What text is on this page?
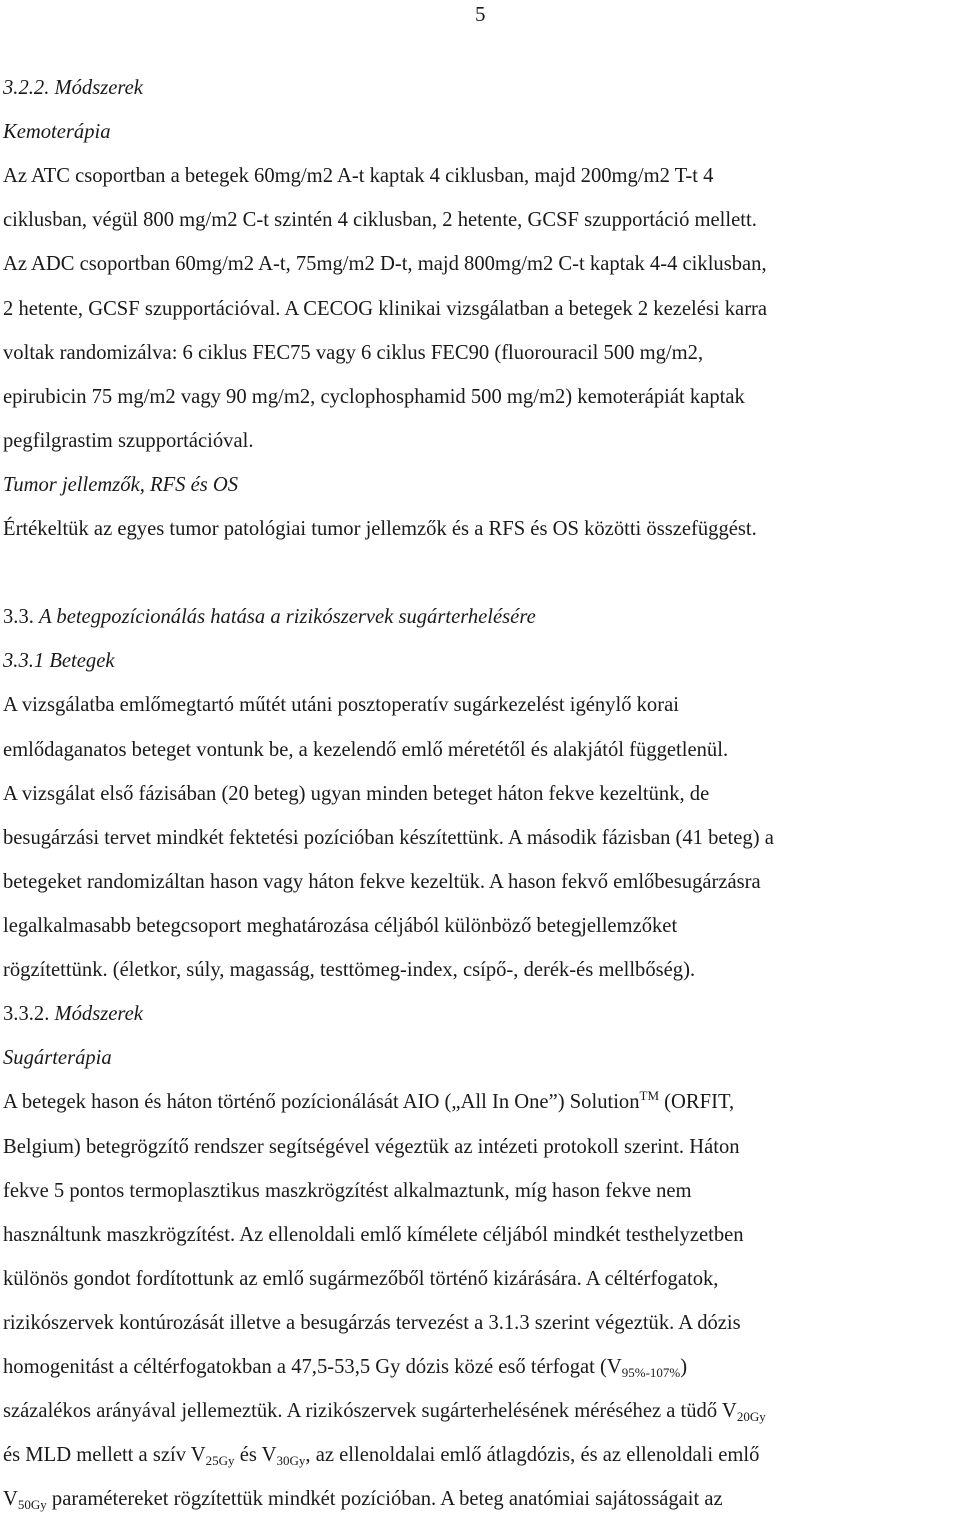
5
3.2.2. Módszerek
Kemoterápia
Az ATC csoportban a betegek 60mg/m2 A-t kaptak 4 ciklusban, majd 200mg/m2 T-t 4
ciklusban, végül 800 mg/m2 C-t szintén 4 ciklusban, 2 hetente, GCSF szupportáció mellett.
Az ADC csoportban 60mg/m2 A-t, 75mg/m2 D-t, majd 800mg/m2 C-t kaptak 4-4 ciklusban,
2 hetente, GCSF szupportációval. A CECOG klinikai vizsgálatban a betegek 2 kezelési karra
voltak randomizálva: 6 ciklus FEC75 vagy 6 ciklus FEC90 (fluorouracil 500 mg/m2,
epirubicin 75 mg/m2 vagy 90 mg/m2, cyclophosphamid 500 mg/m2) kemoterápiát kaptak
pegfilgrastim szupportációval.
Tumor jellemzők, RFS és OS
Értékeltük az egyes tumor patológiai tumor jellemzők és a RFS és OS közötti összefüggést.
3.3. A betegpozícionálás hatása a rizikószervek sugárterhelésére
3.3.1 Betegek
A vizsgálatba emlőmegtartó műtét utáni posztoperatív sugárkezelést igénylő korai
emlődaganatos beteget vontunk be, a kezelendő emlő méretétől és alakjától függetlenül.
A vizsgálat első fázisában (20 beteg) ugyan minden beteget háton fekve kezeltünk, de
besugárzási tervet mindkét fektetési pozícióban készítettünk. A második fázisban (41 beteg) a
betegeket randomizáltan hason vagy háton fekve kezeltük. A hason fekvő emlőbesugárzásra
legalkalmasabb betegcsoport meghatározása céljából különböző betegjellemzőket
rögzítettünk. (életkor, súly, magasság, testtömeg-index, csípő-, derék-és mellbőség).
3.3.2. Módszerek
Sugárterápia
A betegek hason és háton történő pozícionálását AIO („All In One”) Solution™ (ORFIT,
Belgium) betegrögzítő rendszer segítségével végeztük az intézeti protokoll szerint. Háton
fekve 5 pontos termoplasztikus maszkrögzítést alkalmaztunk, míg hason fekve nem
használtunk maszkrögzítést. Az ellenoldali emlő kímélete céljából mindkét testhelyzetben
különös gondot fordítottunk az emlő sugármezőből történő kizárására. A céltérfogatok,
rizikószervek kontúrozását illetve a besugárzás tervezést a 3.1.3 szerint végeztük. A dózis
homogenitást a céltérfogatokban a 47,5-53,5 Gy dózis közé eső térfogat $(V_{95\%-107\%})$
százalékos arányával jellemeztük. A rizikószervek sugárterhelésének méréséhez a tüdő $V_{20Gy}$
és MLD mellett a szív $V_{25Gy}$ és $V_{30Gy}$, az ellenoldalai emlő átlagdózis, és az ellenoldali emlő
$V_{50Gy}$ paramétereket rögzítettük mindkét pozícióban. A beteg anatómiai sajátosságait az
